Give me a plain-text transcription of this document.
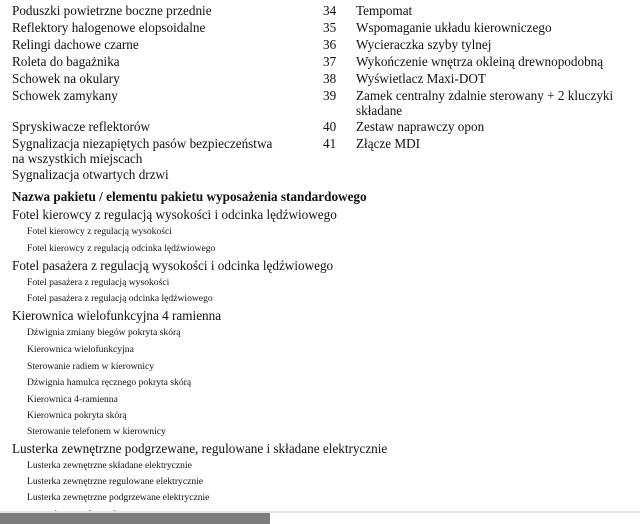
Poduszki powietrzne boczne przednie
Reflektory halogenowe elopsoidalne
Relingi dachowe czarne
Roleta do bagażnika
Schowek na okulary
Schowek zamykany
Spryskiwacze reflektorów
Sygnalizacja niezapiętych pasów bezpieczeństwa
na wszystkich miejscach
Sygnalizacja otwartych drzwi
34
35
36
37
38
39
40
41
Tempomat
Wspomaganie układu kierowniczego
Wycieraczka szyby tylnej
Wykończenie wnętrza okleiną drewnopodobną
Wyświetlacz Maxi-DOT
Zamek centralny zdalnie sterowany + 2 kluczyki
składane
Zestaw naprawczy opon
Złącze MDI
Nazwa pakietu / elementu pakietu wyposażenia standardowego
Fotel kierowcy z regulacją wysokości i odcinka lędźwiowego
Fotel kierowcy z regulacją wysokości
Fotel kierowcy z regulacją odcinka lędźwiowego
Fotel pasażera z regulacją wysokości i odcinka lędźwiowego
Fotel pasażera z regulacją wysokości
Fotel pasażera z regulacją odcinka lędźwiowego
Kierownica wielofunkcyjna 4 ramienna
Dźwignia zmiany biegów pokryta skórą
Kierownica wielofunkcyjna
Sterowanie radiem w kierownicy
Dźwignia hamulca ręcznego pokryta skórą
Kierownica 4-ramienna
Kierownica pokryta skórą
Sterowanie telefonem w kierownicy
Lusterka zewnętrzne podgrzewane, regulowane i składane elektrycznie
Lusterka zewnętrzne składane elektrycznie
Lusterka zewnętrzne regulowane elektrycznie
Lusterka zewnętrzne podgrzewane elektrycznie
